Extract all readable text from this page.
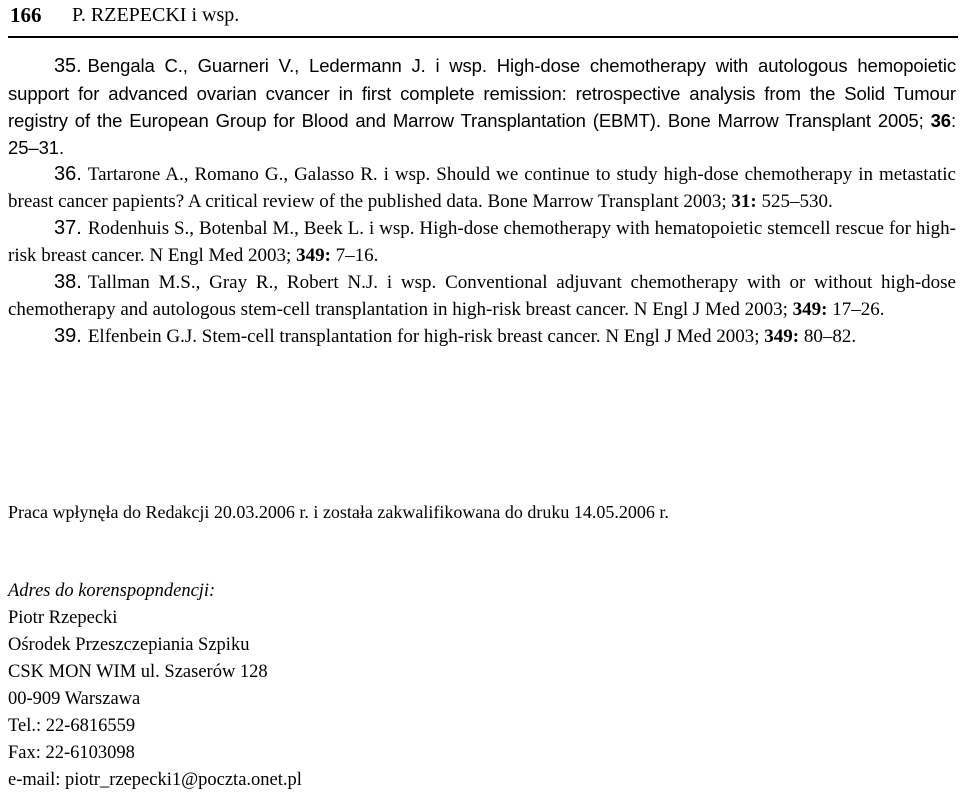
166 P. RZEPECKI i wsp.

35. Bengala C., Guarneri V., Ledermann J. i wsp. High-dose chemotherapy with autologous hemopoietic support for advanced ovarian cvancer in first complete remission: retrospective analysis from the Solid Tumour registry of the European Group for Blood and Marrow Transplantation (EBMT). Bone Marrow Transplant 2005; 36: 25–31.

36. Tartarone A., Romano G., Galasso R. i wsp. Should we continue to study high-dose chemotherapy in metastatic breast cancer papients? A critical review of the published data. Bone Marrow Transplant 2003; 31: 525–530.

37. Rodenhuis S., Botenbal M., Beek L. i wsp. High-dose chemotherapy with hematopoietic stemcell rescue for high-risk breast cancer. N Engl Med 2003; 349: 7–16.

38. Tallman M.S., Gray R., Robert N.J. i wsp. Conventional adjuvant chemotherapy with or without high-dose chemotherapy and autologous stem-cell transplantation in high-risk breast cancer. N Engl J Med 2003; 349: 17–26.

39. Elfenbein G.J. Stem-cell transplantation for high-risk breast cancer. N Engl J Med 2003; 349: 80–82.

Praca wpłynęła do Redakcji 20.03.2006 r. i została zakwalifikowana do druku 14.05.2006 r.
Adres do korenspopndencji:
Piotr Rzepecki
Ośrodek Przeszczepiania Szpiku
CSK MON WIM ul. Szaserów 128
00-909 Warszawa
Tel.: 22-6816559
Fax: 22-6103098
e-mail: piotr_rzepecki1@poczta.onet.pl
